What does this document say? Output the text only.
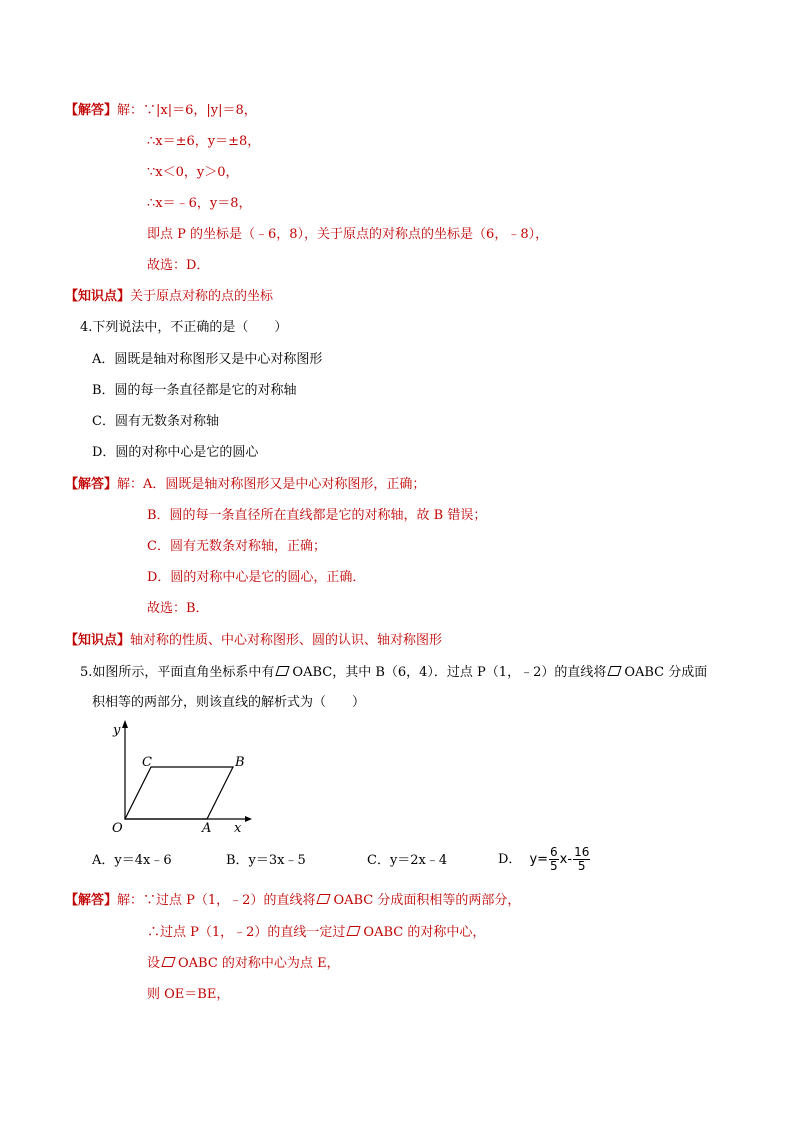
【解答】解：∵|x|＝6，|y|＝8，
∴x＝±6，y＝±8，
∵x＜0，y＞0，
∴x＝﹣6，y＝8，
即点 P 的坐标是（﹣6，8），关于原点的对称点的坐标是（6，﹣8），
故选：D．
【知识点】关于原点对称的点的坐标
4.下列说法中，不正确的是（　　）
A．圆既是轴对称图形又是中心对称图形
B．圆的每一条直径都是它的对称轴
C．圆有无数条对称轴
D．圆的对称中心是它的圆心
【解答】解：A．圆既是轴对称图形又是中心对称图形，正确；
B．圆的每一条直径所在直线都是它的对称轴，故 B 错误；
C．圆有无数条对称轴，正确；
D．圆的对称中心是它的圆心，正确．
故选：B．
【知识点】轴对称的性质、中心对称图形、圆的认识、轴对称图形
5.如图所示，平面直角坐标系中有 OABC，其中 B（6，4）．过点 P（1，﹣2）的直线将 OABC 分成面
积相等的两部分，则该直线的解析式为（　　）
y
x
O	A
B
C
A．y＝4x﹣6	B．y＝3x﹣5	C．y＝2x﹣4	D． $y= \frac{6}{5} x- \frac{16}{5}$
【解答】解：∵过点 P（1，﹣2）的直线将 OABC 分成面积相等的两部分，
∴过点 P（1，﹣2）的直线一定过 OABC 的对称中心，
设 OABC 的对称中心为点 E，
则 OE＝BE，
